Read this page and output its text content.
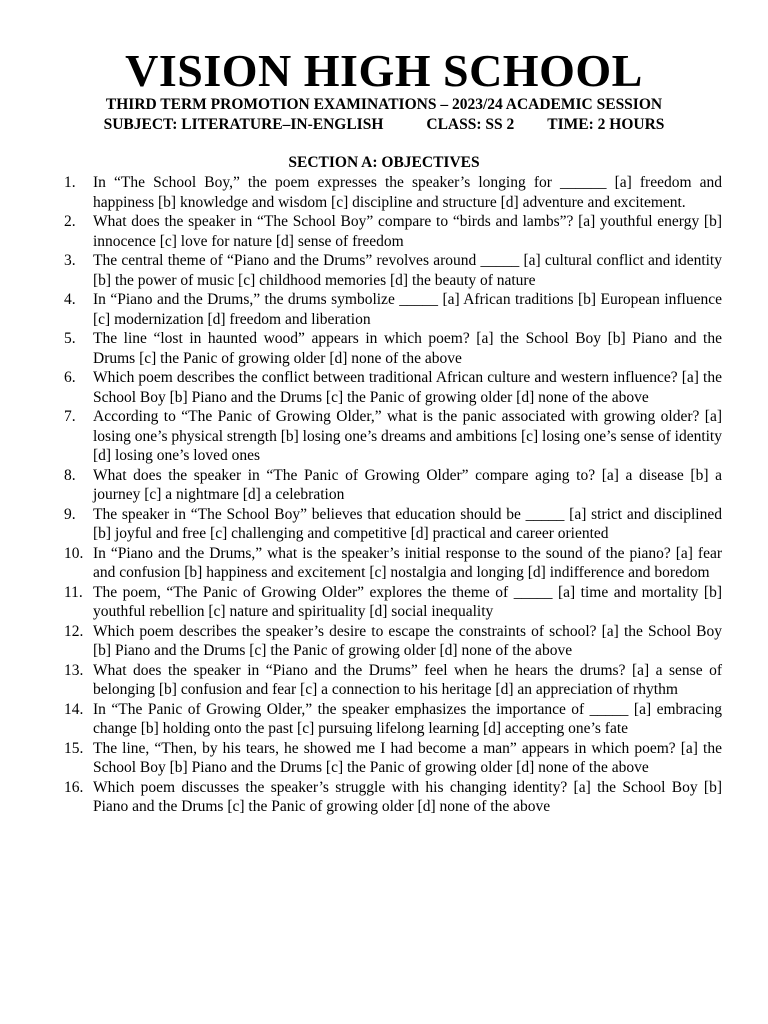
VISION HIGH SCHOOL
THIRD TERM PROMOTION EXAMINATIONS – 2023/24 ACADEMIC SESSION
SUBJECT: LITERATURE–IN-ENGLISH	CLASS: SS 2 TIME: 2 HOURS
SECTION A: OBJECTIVES
1.	In “The School Boy,” the poem expresses the speaker’s longing for ______ [a] freedom and happiness [b] knowledge and wisdom [c] discipline and structure [d] adventure and excitement.
2.	What does the speaker in “The School Boy” compare to “birds and lambs”? [a] youthful energy [b] innocence [c] love for nature [d] sense of freedom
3.	The central theme of “Piano and the Drums” revolves around _____ [a] cultural conflict and identity [b] the power of music [c] childhood memories [d] the beauty of nature
4.	In “Piano and the Drums,” the drums symbolize _____ [a] African traditions [b] European influence [c] modernization [d] freedom and liberation
5.	The line “lost in haunted wood” appears in which poem? [a] the School Boy [b] Piano and the Drums [c] the Panic of growing older [d] none of the above
6.	Which poem describes the conflict between traditional African culture and western influence? [a] the School Boy [b] Piano and the Drums [c] the Panic of growing older [d] none of the above
7.	According to “The Panic of Growing Older,” what is the panic associated with growing older? [a] losing one’s physical strength [b] losing one’s dreams and ambitions [c] losing one’s sense of identity [d] losing one’s loved ones
8.	What does the speaker in “The Panic of Growing Older” compare aging to? [a] a disease [b] a journey [c] a nightmare [d] a celebration
9.	The speaker in “The School Boy” believes that education should be _____ [a] strict and disciplined [b] joyful and free [c] challenging and competitive [d] practical and career oriented
10. In “Piano and the Drums,” what is the speaker’s initial response to the sound of the piano? [a] fear and confusion [b] happiness and excitement [c] nostalgia and longing [d] indifference and boredom
11. The poem, “The Panic of Growing Older” explores the theme of _____ [a] time and mortality [b] youthful rebellion [c] nature and spirituality [d] social inequality
12. Which poem describes the speaker’s desire to escape the constraints of school? [a] the School Boy [b] Piano and the Drums [c] the Panic of growing older [d] none of the above
13. What does the speaker in “Piano and the Drums” feel when he hears the drums? [a] a sense of belonging [b] confusion and fear [c] a connection to his heritage [d] an appreciation of rhythm
14. In “The Panic of Growing Older,” the speaker emphasizes the importance of _____ [a] embracing change [b] holding onto the past [c] pursuing lifelong learning [d] accepting one’s fate
15. The line, “Then, by his tears, he showed me I had become a man” appears in which poem? [a] the School Boy [b] Piano and the Drums [c] the Panic of growing older [d] none of the above
16. Which poem discusses the speaker’s struggle with his changing identity? [a] the School Boy [b] Piano and the Drums [c] the Panic of growing older [d] none of the above
